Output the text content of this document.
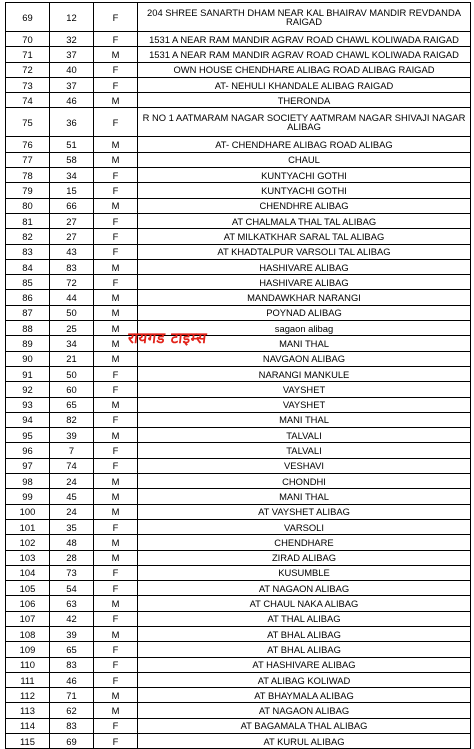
69	12	F	204 SHREE SANARTH DHAM NEAR KAL BHAIRAV MANDIR REVDANDA RAIGAD
70	32	F	1531 A NEAR RAM MANDIR AGRAV ROAD CHAWL KOLIWADA RAIGAD
71	37	M	1531 A NEAR RAM MANDIR AGRAV ROAD CHAWL KOLIWADA RAIGAD
72	40	F	OWN HOUSE CHENDHARE ALIBAG ROAD ALIBAG RAIGAD
73	37	F	AT- NEHULI KHANDALE ALIBAG RAIGAD
74	46	M	THERONDA
75	36	F	R NO 1 AATMARAM NAGAR SOCIETY AATMRAM NAGAR SHIVAJI NAGAR ALIBAG
76	51	M	AT- CHENDHARE ALIBAG ROAD ALIBAG
77	58	M	CHAUL
78	34	F	KUNTYACHI GOTHI
79	15	F	KUNTYACHI GOTHI
80	66	M	CHENDHRE ALIBAG
81	27	F	AT CHALMALA THAL TAL ALIBAG
82	27	F	AT MILKATKHAR SARAL TAL ALIBAG
83	43	F	AT KHADTALPUR VARSOLI TAL ALIBAG
84	83	M	HASHIVARE ALIBAG
85	72	F	HASHIVARE ALIBAG
86	44	M	MANDAWKHAR NARANGI
87	50	M	POYNAD ALIBAG
88	25	M	sagaon alibag
89	34	M	MANI THAL
90	21	M	NAVGAON ALIBAG
91	50	F	NARANGI MANKULE
92	60	F	VAYSHET
93	65	M	VAYSHET
94	82	F	MANI THAL
95	39	M	TALVALI
96	7	F	TALVALI
97	74	F	VESHAVI
98	24	M	CHONDHI
99	45	M	MANI THAL
100	24	M	AT VAYSHET ALIBAG
101	35	F	VARSOLI
102	48	M	CHENDHARE
103	28	M	ZIRAD ALIBAG
104	73	F	KUSUMBLE
105	54	F	AT NAGAON ALIBAG
106	63	M	AT CHAUL NAKA ALIBAG
107	42	F	AT THAL ALIBAG
108	39	M	AT BHAL ALIBAG
109	65	F	AT BHAL ALIBAG
110	83	F	AT HASHIVARE ALIBAG
111	46	F	AT ALIBAG KOLIWAD
112	71	M	AT BHAYMALA ALIBAG
113	62	M	AT NAGAON ALIBAG
114	83	F	AT BAGAMALA THAL ALIBAG
115	69	F	AT KURUL ALIBAG
रायगड टाइम्स
